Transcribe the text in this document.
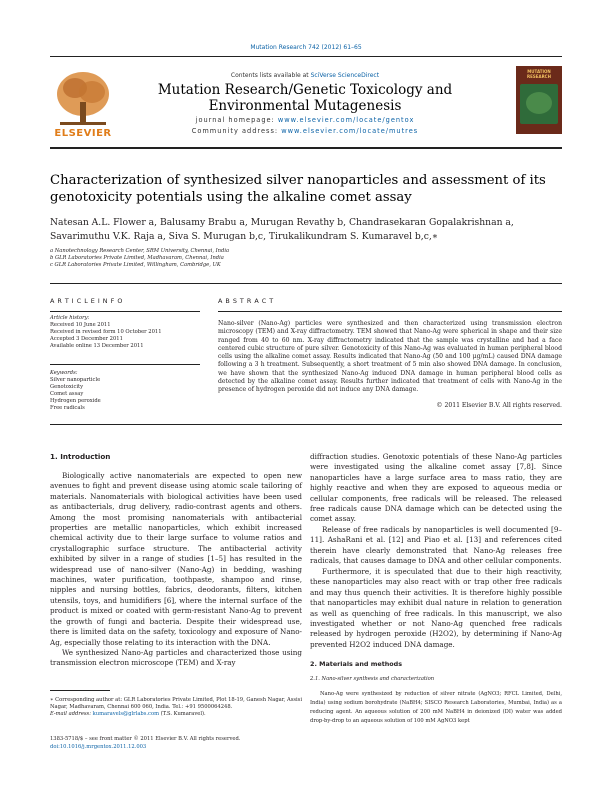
Mutation Research 742 (2012) 61–65
ELSEVIER
Contents lists available at SciVerse ScienceDirect
Mutation Research/Genetic Toxicology and
Environmental Mutagenesis
journal homepage: www.elsevier.com/locate/gentox
Community address: www.elsevier.com/locate/mutres
MUTATION RESEARCH
Characterization of synthesized silver nanoparticles and assessment of its
genotoxicity potentials using the alkaline comet assay
Natesan A.L. Flower a, Balusamy Brabu a, Murugan Revathy b, Chandrasekaran Gopalakrishnan a,
Savarimuthu V.K. Raja a, Siva S. Murugan b,c, Tirukalikundram S. Kumaravel b,c,∗
a Nanotechnology Research Center, SRM University, Chennai, India
b GLR Laboratories Private Limited, Madhavaram, Chennai, India
c GLR Laboratories Private Limited, Willingham, Cambridge, UK
A R T I C L E I N F O
Article history:
Received 10 June 2011
Received in revised form 10 October 2011
Accepted 3 December 2011
Available online 13 December 2011
Keywords:
Silver nanoparticle
Genotoxicity
Comet assay
Hydrogen peroxide
Free radicals
A B S T R A C T
Nano-silver (Nano-Ag) particles were synthesized and then characterized using transmission electron microscopy (TEM) and X-ray diffractometry. TEM showed that Nano-Ag were spherical in shape and their size ranged from 40 to 60 nm. X-ray diffractometry indicated that the sample was crystalline and had a face centered cubic structure of pure silver. Genotoxicity of this Nano-Ag was evaluated in human peripheral blood cells using the alkaline comet assay. Results indicated that Nano-Ag (50 and 100 μg/mL) caused DNA damage following a 3 h treatment. Subsequently, a short treatment of 5 min also showed DNA damage. In conclusion, we have shown that the synthesized Nano-Ag induced DNA damage in human peripheral blood cells as detected by the alkaline comet assay. Results further indicated that treatment of cells with Nano-Ag in the presence of hydrogen peroxide did not induce any DNA damage.
© 2011 Elsevier B.V. All rights reserved.
1. Introduction
Biologically active nanomaterials are expected to open new avenues to fight and prevent disease using atomic scale tailoring of materials. Nanomaterials with biological activities have been used as antibacterials, drug delivery, radio-contrast agents and others. Among the most promising nanomaterials with antibacterial properties are metallic nanoparticles, which exhibit increased chemical activity due to their large surface to volume ratios and crystallographic surface structure. The antibacterial activity exhibited by silver in a range of studies [1–5] has resulted in the widespread use of nano-silver (Nano-Ag) in bedding, washing machines, water purification, toothpaste, shampoo and rinse, nipples and nursing bottles, fabrics, deodorants, filters, kitchen utensils, toys, and humidifiers [6], where the internal surface of the product is mixed or coated with germ-resistant Nano-Ag to prevent the growth of fungi and bacteria. Despite their widespread use, there is limited data on the safety, toxicology and exposure of Nano-Ag, especially those relating to its interaction with the DNA.
We synthesized Nano-Ag particles and characterized those using transmission electron microscope (TEM) and X-ray
∗ Corresponding author at: GLR Laboratories Private Limited, Plot 18-19, Ganesh Nagar, Assisi Nagar, Madhavaram, Chennai 600 060, India. Tel.: +91 9500064248.
E-mail address: kumaravels@glrlabs.com (T.S. Kumaravel).
1383-5718/$ – see front matter © 2011 Elsevier B.V. All rights reserved.
doi:10.1016/j.mrgentox.2011.12.003
diffraction studies. Genotoxic potentials of these Nano-Ag particles were investigated using the alkaline comet assay [7,8]. Since nanoparticles have a large surface area to mass ratio, they are highly reactive and when they are exposed to aqueous media or cellular components, free radicals will be released. The released free radicals cause DNA damage which can be detected using the comet assay.
Release of free radicals by nanoparticles is well documented [9–11]. AshaRani et al. [12] and Piao et al. [13] and references cited therein have clearly demonstrated that Nano-Ag releases free radicals, that causes damage to DNA and other cellular components.
Furthermore, it is speculated that due to their high reactivity, these nanoparticles may also react with or trap other free radicals and may thus quench their activities. It is therefore highly possible that nanoparticles may exhibit dual nature in relation to generation as well as quenching of free radicals. In this manuscript, we also investigated whether or not Nano-Ag quenched free radicals released by hydrogen peroxide (H2O2), by determining if Nano-Ag prevented H2O2 induced DNA damage.
2. Materials and methods
2.1. Nano-silver synthesis and characterization
Nano-Ag were synthesized by reduction of silver nitrate (AgNO3; RFCL Limited, Delhi, India) using sodium borohydrate (NaBH4; SISCO Research Laboratories, Mumbai, India) as a reducing agent. An aqueous solution of 200 mM NaBH4 in deionized (DI) water was added drop-by-drop to an aqueous solution of 100 mM AgNO3 kept
